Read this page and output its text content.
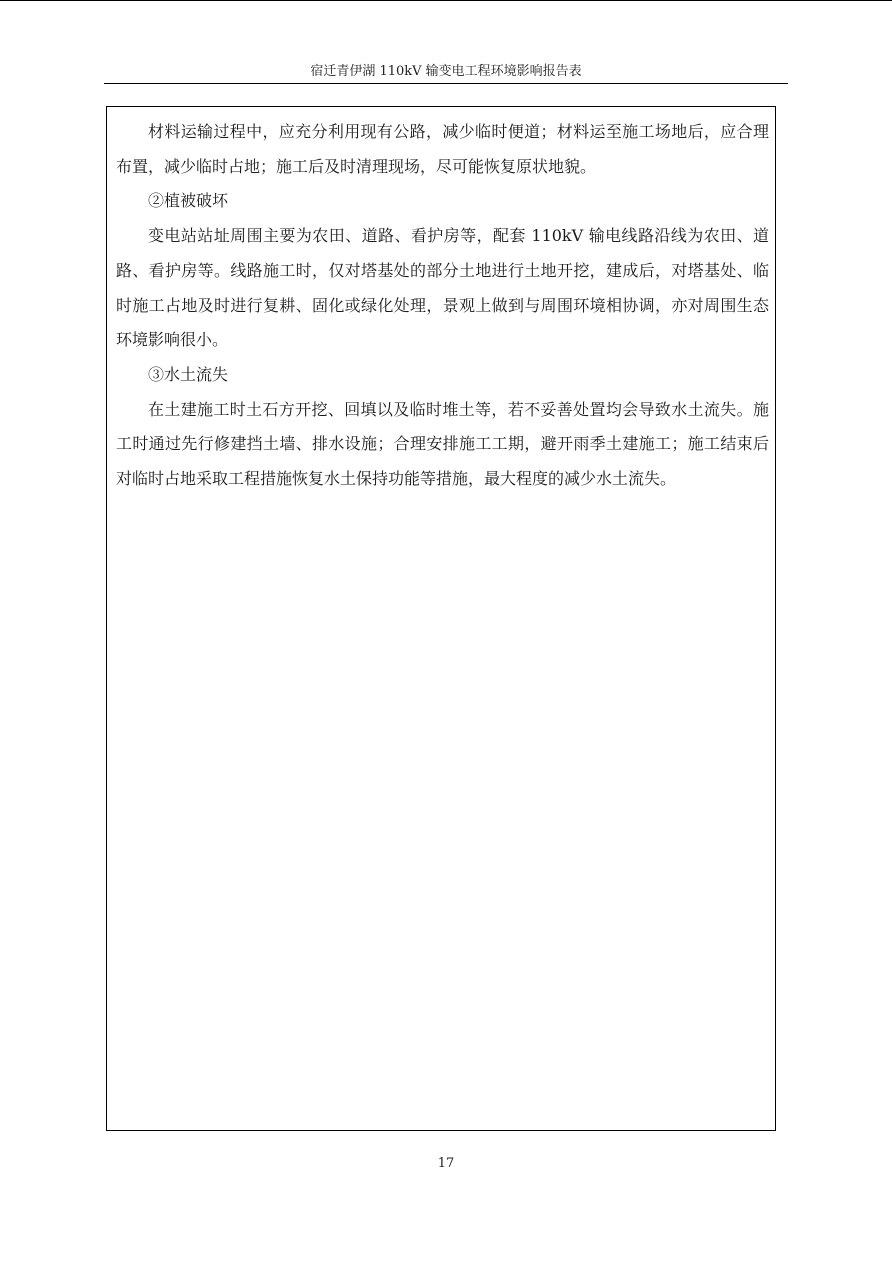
宿迁青伊湖 110kV 输变电工程环境影响报告表

材料运输过程中，应充分利用现有公路，减少临时便道；材料运至施工场地后，应合理布置，减少临时占地；施工后及时清理现场，尽可能恢复原状地貌。

②植被破坏

变电站站址周围主要为农田、道路、看护房等，配套 110kV 输电线路沿线为农田、道路、看护房等。线路施工时，仅对塔基处的部分土地进行土地开挖，建成后，对塔基处、临时施工占地及时进行复耕、固化或绿化处理，景观上做到与周围环境相协调，亦对周围生态环境影响很小。

③水土流失

在土建施工时土石方开挖、回填以及临时堆土等，若不妥善处置均会导致水土流失。施工时通过先行修建挡土墙、排水设施；合理安排施工工期，避开雨季土建施工；施工结束后对临时占地采取工程措施恢复水土保持功能等措施，最大程度的减少水土流失。

17
